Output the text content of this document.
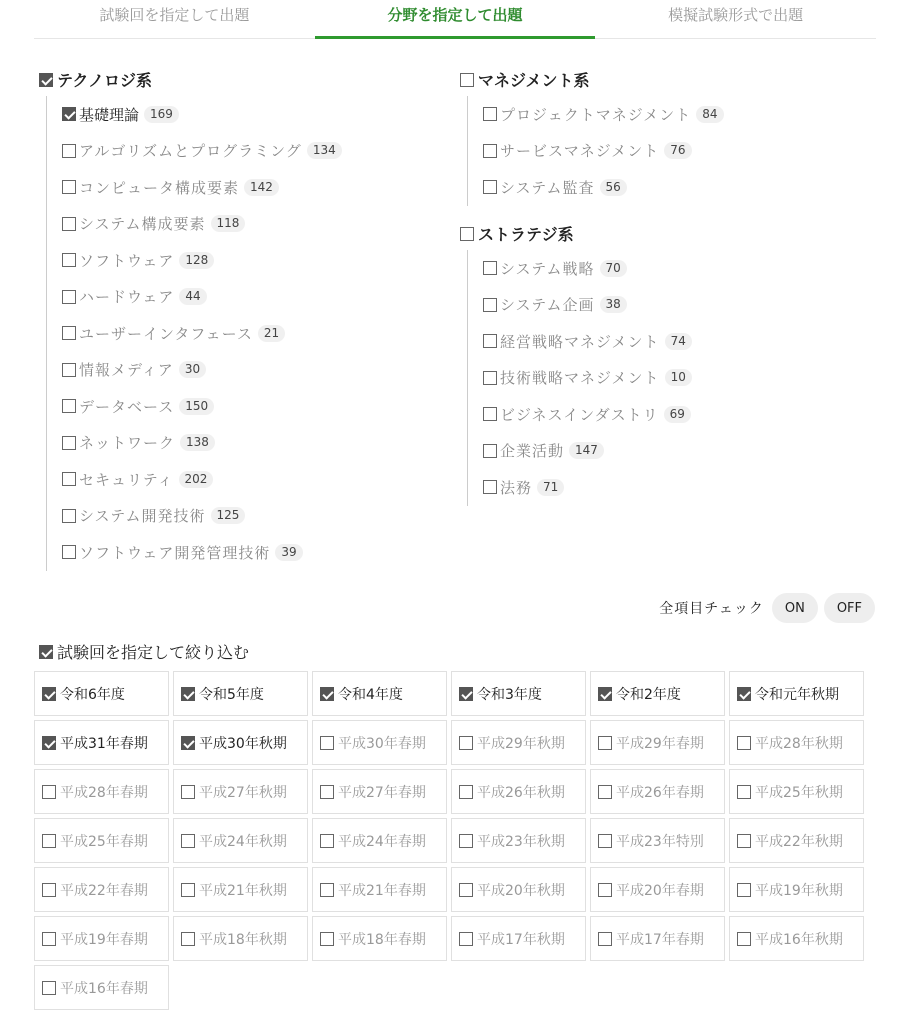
試験回を指定して出題	分野を指定して出題	模擬試験形式で出題
テクノロジ系
基礎理論 169
アルゴリズムとプログラミング 134
コンピュータ構成要素 142
システム構成要素 118
ソフトウェア 128
ハードウェア 44
ユーザーインタフェース 21
情報メディア 30
データベース 150
ネットワーク 138
セキュリティ 202
システム開発技術 125
ソフトウェア開発管理技術 39
マネジメント系
プロジェクトマネジメント 84
サービスマネジメント 76
システム監査 56
ストラテジ系
システム戦略 70
システム企画 38
経営戦略マネジメント 74
技術戦略マネジメント 10
ビジネスインダストリ 69
企業活動 147
法務 71
全項目チェック	ON	OFF
試験回を指定して絞り込む
令和6年度	令和5年度	令和4年度	令和3年度	令和2年度	令和元年秋期
平成31年春期	平成30年秋期	平成30年春期	平成29年秋期	平成29年春期	平成28年秋期
平成28年春期	平成27年秋期	平成27年春期	平成26年秋期	平成26年春期	平成25年秋期
平成25年春期	平成24年秋期	平成24年春期	平成23年秋期	平成23年特別	平成22年秋期
平成22年春期	平成21年秋期	平成21年春期	平成20年秋期	平成20年春期	平成19年秋期
平成19年春期	平成18年秋期	平成18年春期	平成17年秋期	平成17年春期	平成16年秋期
平成16年春期
